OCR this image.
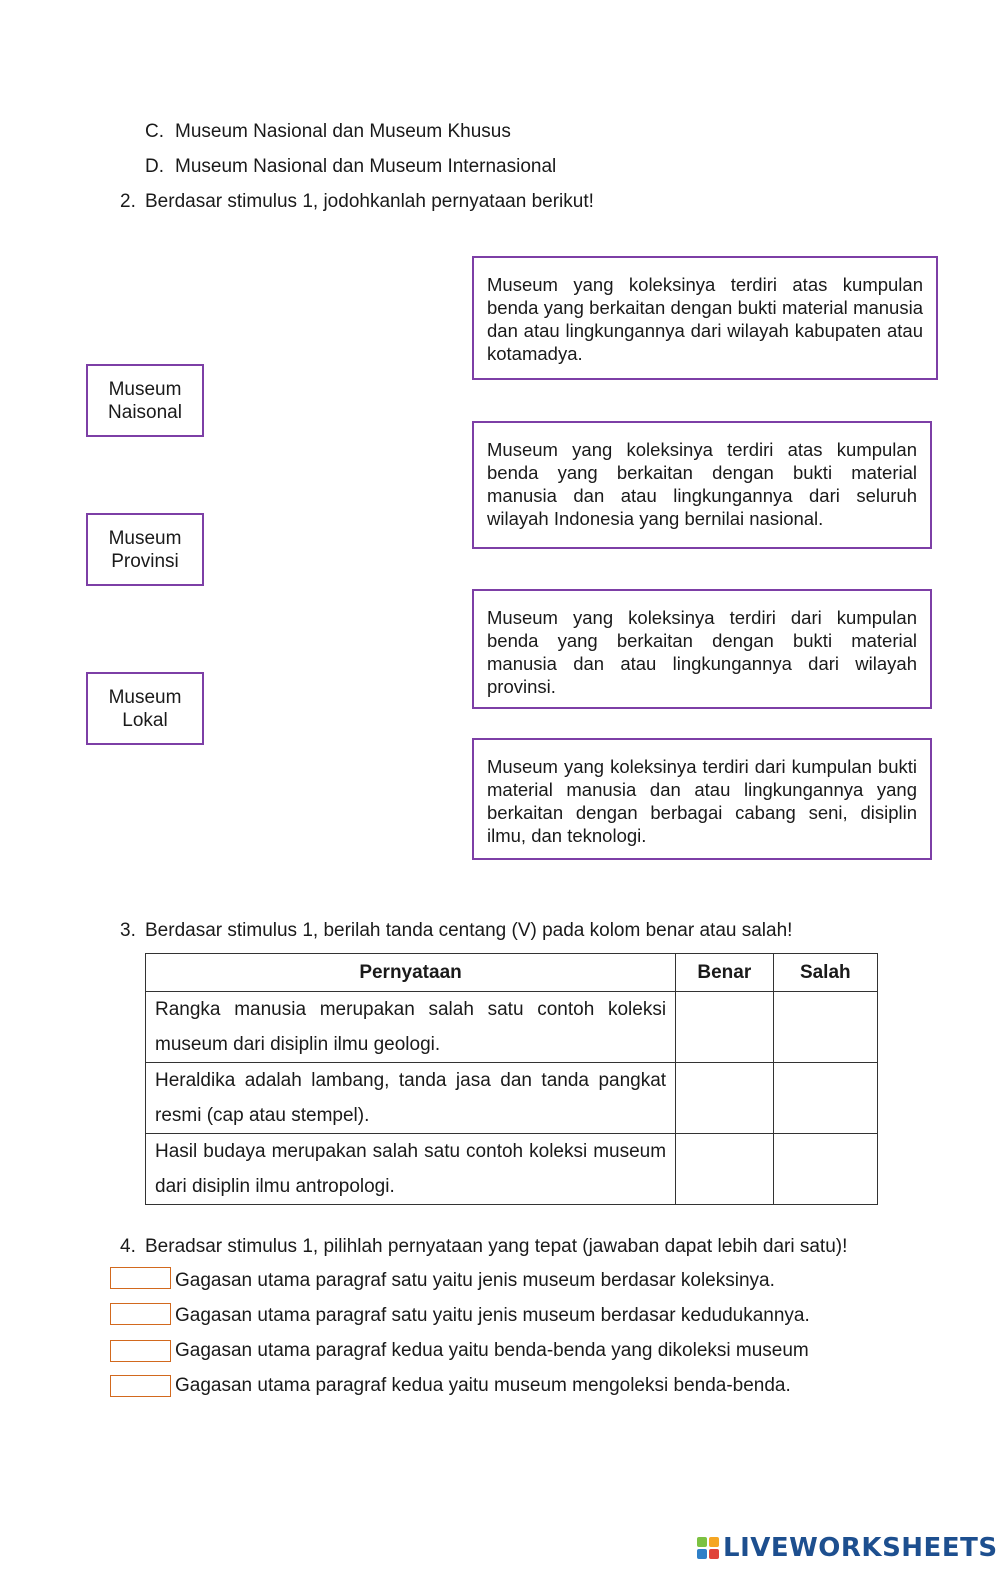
C. Museum Nasional dan Museum Khusus
D. Museum Nasional dan Museum Internasional
2. Berdasar stimulus 1, jodohkanlah pernyataan berikut!
Museum
Naisonal
Museum
Provinsi
Museum
Lokal
Museum yang koleksinya terdiri atas kumpulan benda yang berkaitan dengan bukti material manusia dan atau lingkungannya dari wilayah kabupaten atau kotamadya.
Museum yang koleksinya terdiri atas kumpulan benda yang berkaitan dengan bukti material manusia dan atau lingkungannya dari seluruh wilayah Indonesia yang bernilai nasional.
Museum yang koleksinya terdiri dari kumpulan benda yang berkaitan dengan bukti material manusia dan atau lingkungannya dari wilayah provinsi.
Museum yang koleksinya terdiri dari kumpulan bukti material manusia dan atau lingkungannya yang berkaitan dengan berbagai cabang seni, disiplin ilmu, dan teknologi.
3. Berdasar stimulus 1, berilah tanda centang (V) pada kolom benar atau salah!
Pernyataan	Benar	Salah
Rangka manusia merupakan salah satu contoh koleksi museum dari disiplin ilmu geologi.		
Heraldika adalah lambang, tanda jasa dan tanda pangkat resmi (cap atau stempel).		
Hasil budaya merupakan salah satu contoh koleksi museum dari disiplin ilmu antropologi.		
4. Beradsar stimulus 1, pilihlah pernyataan yang tepat (jawaban dapat lebih dari satu)!
Gagasan utama paragraf satu yaitu jenis museum berdasar koleksinya.
Gagasan utama paragraf satu yaitu jenis museum berdasar kedudukannya.
Gagasan utama paragraf kedua yaitu benda-benda yang dikoleksi museum
Gagasan utama paragraf kedua yaitu museum mengoleksi benda-benda.
LIVEWORKSHEETS
